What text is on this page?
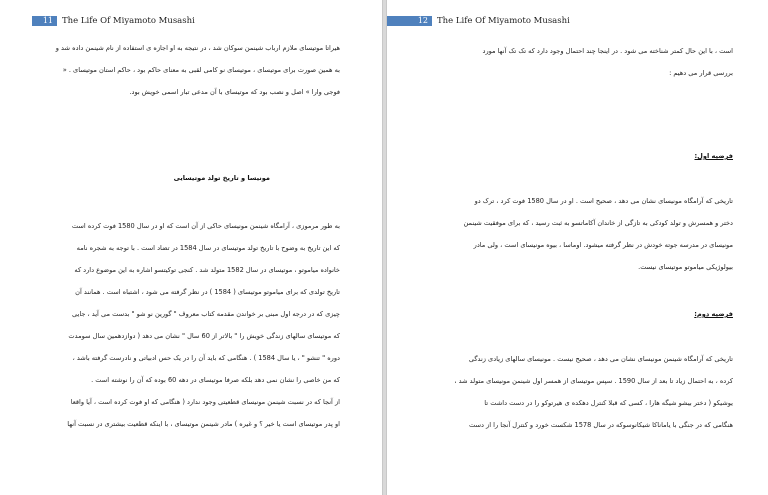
11	The Life Of Miyamoto Musashi
هیراتا موتیسای ملازم ارباب شینمن سوکان شد ، در نتیجه به او اجازه ی استفاده از نام شینمن داده شد و
به همین صورت برای موتیسای ، موتیسای نو کامی لقبی به معنای حاکم بود ، حاکم استان موتیسای . «
فوجی وارا » اصل و نصب بود که موتیسای با آن مدعی تبار اسمی خویش بود.
مونیسا و تاریخ تولد موتیسایی
به طور مرموزی ، آرامگاه شینمن مونیسای حاکی از آن است که او در سال 1580 فوت کرده است
که این تاریخ به وضوح با تاریخ تولد موتیسای در سال 1584 در تضاد است . با توجه به شجره نامه
خانواده میاموتو ، موتیسای در سال 1582 متولد شد . کنجی توکیتسو اشاره به این موضوع دارد که
تاریخ تولدی که برای میاموتو موتیسای ( 1584 ) در نظر گرفته می شود ، اشتباه است . همانند آن
چیزی که در درجه اول مبنی بر خواندن مقدمه کتاب معروف " گورین نو شو " بدست می آید ، جایی
که موتیسای سالهای زندگی خویش را " بالاتر از 60 سال " نشان می دهد ( دوازدهمین سال سومدت
دوره " تنشو " ، یا سال 1584 ) . هنگامی که باید آن را در یک حس ادبیاتی و نادرست گرفته باشد ،
که من خاصی را نشان نمی دهد بلکه صرفا موتیسای در دهه 60 بوده که آن را نوشته است .
از آنجا که در نسبت شینمن مونیسای قطعیتی وجود ندارد ( هنگامی که او فوت کرده است ، آیا واقعا
او پدر موتیسای است یا خیر ؟ و غیره ) مادر شینمن موتیسای ، با اینکه قطعیت بیشتری در نسبت آنها
12	The Life Of Miyamoto Musashi
است ، با این حال کمتر شناخته می شود . در اینجا چند احتمال وجود دارد که تک تک آنها مورد
بررسی قرار می دهیم :
فرضیه اول:
تاریخی که آرامگاه مونیسای نشان می دهد ، صحیح است . او در سال 1580 فوت کرد ، ترک دو
دختر و همسرش و تولد کودکی به تازگی از خاندان آکاماتسو به ثبت رسید ، که برای موفقیت شینمن
مونیسای در مدرسه جوته خودش در نظر گرفته میشود. اوماسا ، بیوه مونیسای است ، ولی مادر
بیولوژیکی میاموتو موتیسای نیست.
فرضیه دوم:
تاریخی که آرامگاه شینمن مونیسای نشان می دهد ، صحیح نیست . مونیسای سالهای زیادی زندگی
کرده ، به احتمال زیاد تا بعد از سال 1590 . سپس موتیسای از همسر اول شینمن مونیسای متولد شد ،
یوشیکو ( دختر بیشو شیگه هارا ، کسی که قبلا کنترل دهکده ی هیرتوکو را در دست داشت تا
هنگامی که در جنگی با یاماناکا شیکانوسوکه در سال 1578 شکست خورد و کنترل آنجا را از دست
